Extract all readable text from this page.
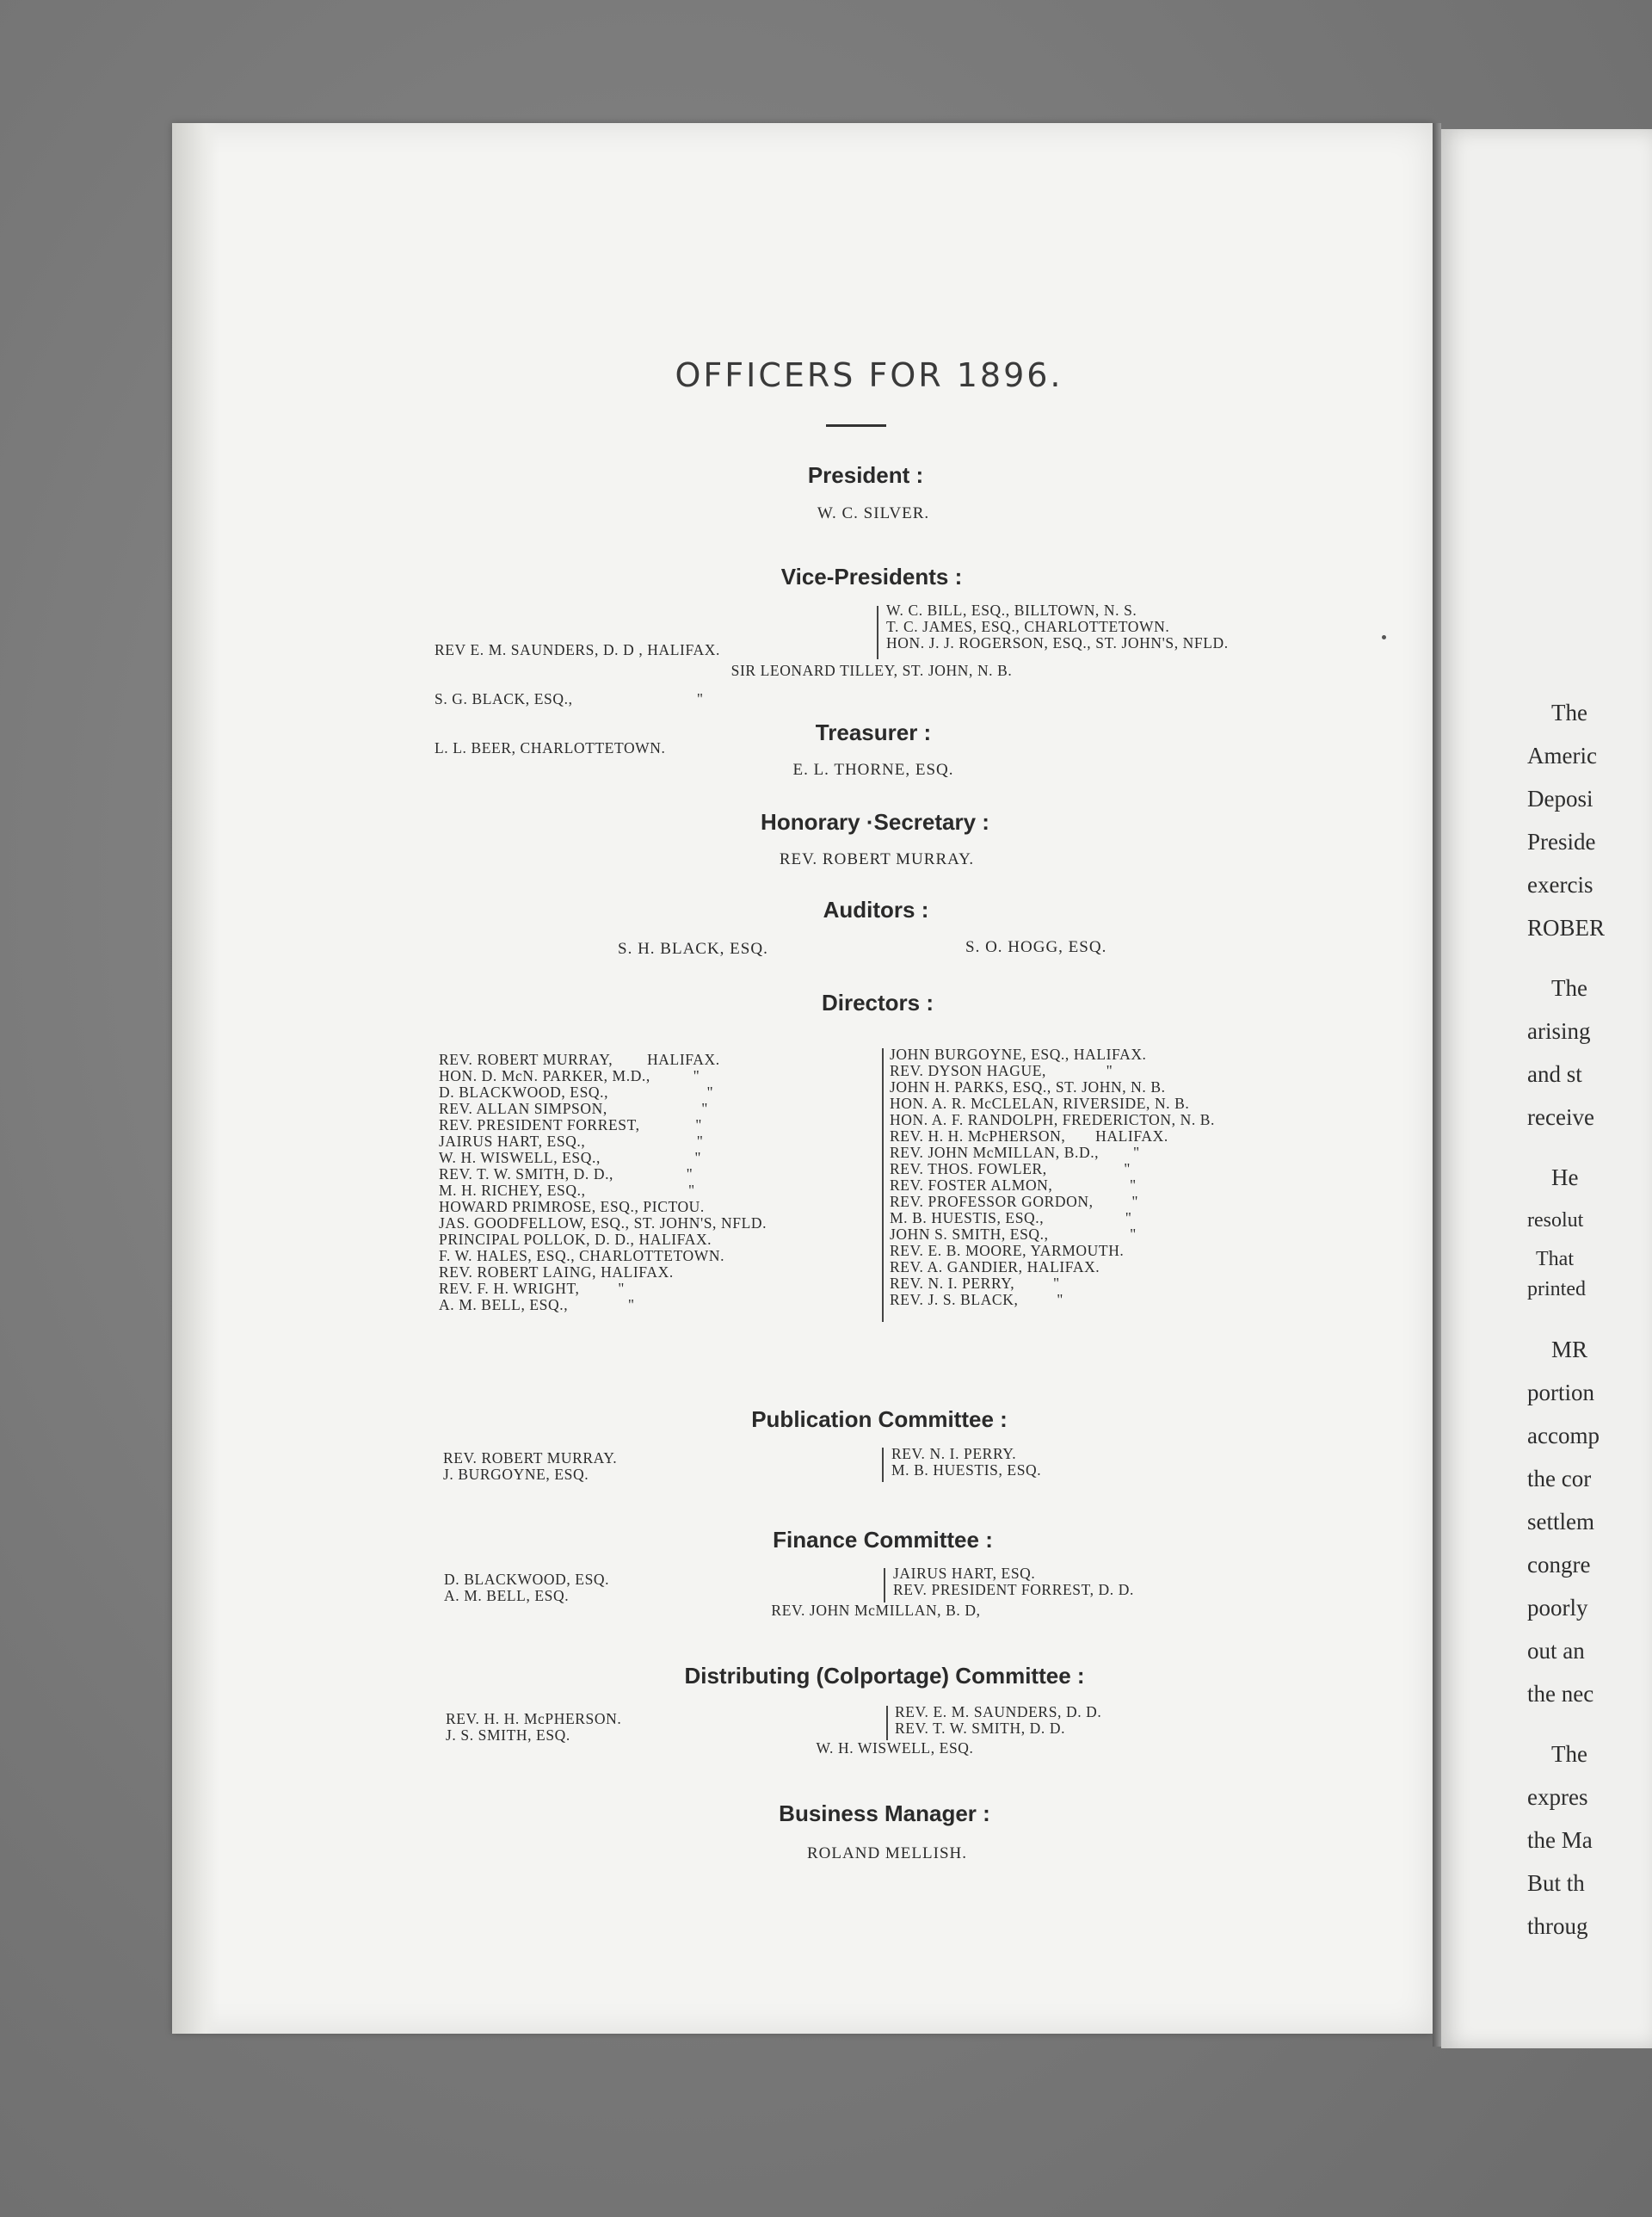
OFFICERS FOR 1896.
President :
W. C. SILVER.
Vice-Presidents :

REV E. M. SAUNDERS, D. D , HALIFAX.

S. G. BLACK, ESQ.,                             "

L. L. BEER, CHARLOTTETOWN.

W. C. BILL, ESQ., BILLTOWN, N. S.
T. C. JAMES, ESQ., CHARLOTTETOWN.
HON. J. J. ROGERSON, ESQ., ST. JOHN'S, NFLD.
SIR LEONARD TILLEY, ST. JOHN, N. B.
Treasurer :
E. L. THORNE, ESQ.
Honorary ·Secretary :
REV. ROBERT MURRAY.
Auditors :
S. H. BLACK, ESQ.	S. O. HOGG, ESQ.
Directors :
REV. ROBERT MURRAY,        HALIFAX.
HON. D. McN. PARKER, M.D.,          "
D. BLACKWOOD, ESQ.,                       "
REV. ALLAN SIMPSON,                      "
REV. PRESIDENT FORREST,             "
JAIRUS HART, ESQ.,                          "
W. H. WISWELL, ESQ.,                      "
REV. T. W. SMITH, D. D.,                 "
M. H. RICHEY, ESQ.,                        "
HOWARD PRIMROSE, ESQ., PICTOU.
JAS. GOODFELLOW, ESQ., ST. JOHN'S, NFLD.
PRINCIPAL POLLOK, D. D., HALIFAX.
F. W. HALES, ESQ., CHARLOTTETOWN.
REV. ROBERT LAING, HALIFAX.
REV. F. H. WRIGHT,         "
A. M. BELL, ESQ.,              "
JOHN BURGOYNE, ESQ., HALIFAX.
REV. DYSON HAGUE,              "
JOHN H. PARKS, ESQ., ST. JOHN, N. B.
HON. A. R. McCLELAN, RIVERSIDE, N. B.
HON. A. F. RANDOLPH, FREDERICTON, N. B.
REV. H. H. McPHERSON,       HALIFAX.
REV. JOHN McMILLAN, B.D.,        "
REV. THOS. FOWLER,                  "
REV. FOSTER ALMON,                  "
REV. PROFESSOR GORDON,         "
M. B. HUESTIS, ESQ.,                   "
JOHN S. SMITH, ESQ.,                   "
REV. E. B. MOORE, YARMOUTH.
REV. A. GANDIER, HALIFAX.
REV. N. I. PERRY,         "
REV. J. S. BLACK,         "
Publication Committee :
REV. ROBERT MURRAY.
J. BURGOYNE, ESQ.
REV. N. I. PERRY.
M. B. HUESTIS, ESQ.
Finance Committee :
D. BLACKWOOD, ESQ.
A. M. BELL, ESQ.
JAIRUS HART, ESQ.
REV. PRESIDENT FORREST, D. D.
REV. JOHN McMILLAN, B. D,
Distributing (Colportage) Committee :
REV. H. H. McPHERSON.
J. S. SMITH, ESQ.
REV. E. M. SAUNDERS, D. D.
REV. T. W. SMITH, D. D.
W. H. WISWELL, ESQ.
Business Manager :
ROLAND MELLISH.
The
Americ
Deposi
Preside
exercis
ROBER
The
arising
and st
receive
He
resolut
That
printed
MR
portion
accomp
the cor
settlem
congre
poorly
out an
the nec
The
expres
the Ma
But th
throug
